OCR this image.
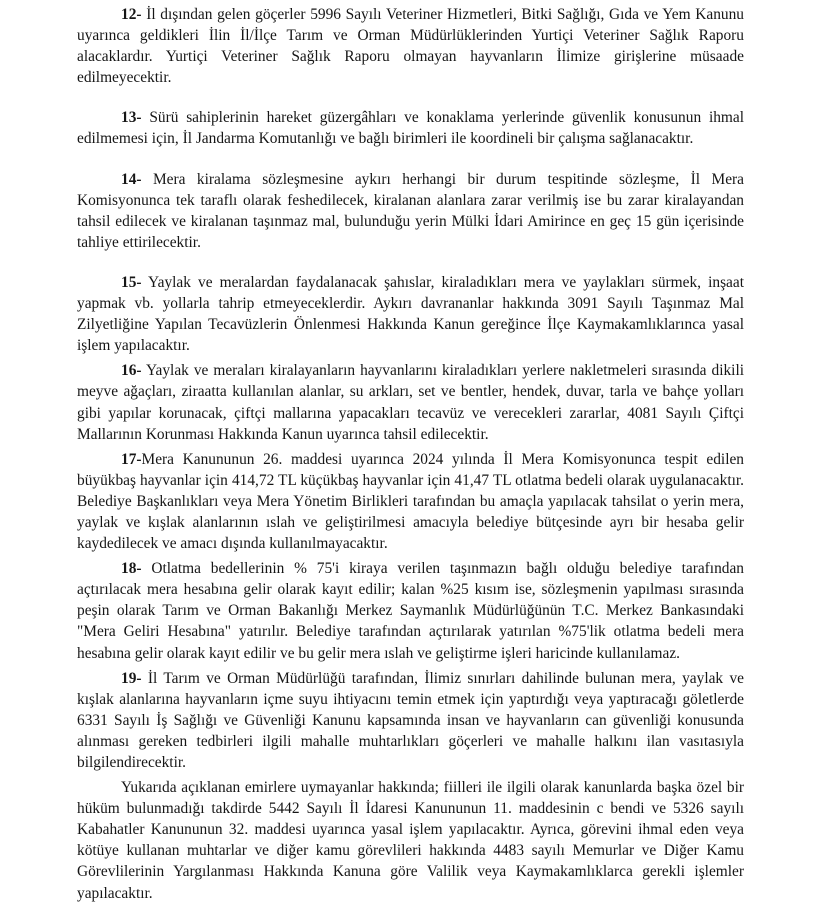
12- İl dışından gelen göçerler 5996 Sayılı Veteriner Hizmetleri, Bitki Sağlığı, Gıda ve Yem Kanunu uyarınca geldikleri İlin İl/İlçe Tarım ve Orman Müdürlüklerinden Yurtiçi Veteriner Sağlık Raporu alacaklardır. Yurtiçi Veteriner Sağlık Raporu olmayan hayvanların İlimize girişlerine müsaade edilmeyecektir.

13- Sürü sahiplerinin hareket güzergâhları ve konaklama yerlerinde güvenlik konusunun ihmal edilmemesi için, İl Jandarma Komutanlığı ve bağlı birimleri ile koordineli bir çalışma sağlanacaktır.

14- Mera kiralama sözleşmesine aykırı herhangi bir durum tespitinde sözleşme, İl Mera Komisyonunca tek taraflı olarak feshedilecek, kiralanan alanlara zarar verilmiş ise bu zarar kiralayandan tahsil edilecek ve kiralanan taşınmaz mal, bulunduğu yerin Mülki İdari Amirince en geç 15 gün içerisinde tahliye ettirilecektir.

15- Yaylak ve meralardan faydalanacak şahıslar, kiraladıkları mera ve yaylakları sürmek, inşaat yapmak vb. yollarla tahrip etmeyeceklerdir. Aykırı davrananlar hakkında 3091 Sayılı Taşınmaz Mal Zilyetliğine Yapılan Tecavüzlerin Önlenmesi Hakkında Kanun gereğince İlçe Kaymakamlıklarınca yasal işlem yapılacaktır.

16- Yaylak ve meraları kiralayanların hayvanlarını kiraladıkları yerlere nakletmeleri sırasında dikili meyve ağaçları, ziraatta kullanılan alanlar, su arkları, set ve bentler, hendek, duvar, tarla ve bahçe yolları gibi yapılar korunacak, çiftçi mallarına yapacakları tecavüz ve verecekleri zararlar, 4081 Sayılı Çiftçi Mallarının Korunması Hakkında Kanun uyarınca tahsil edilecektir.

17-Mera Kanununun 26. maddesi uyarınca 2024 yılında İl Mera Komisyonunca tespit edilen büyükbaş hayvanlar için 414,72 TL küçükbaş hayvanlar için 41,47 TL otlatma bedeli olarak uygulanacaktır. Belediye Başkanlıkları veya Mera Yönetim Birlikleri tarafından bu amaçla yapılacak tahsilat o yerin mera, yaylak ve kışlak alanlarının ıslah ve geliştirilmesi amacıyla belediye bütçesinde ayrı bir hesaba gelir kaydedilecek ve amacı dışında kullanılmayacaktır.

18- Otlatma bedellerinin % 75'i kiraya verilen taşınmazın bağlı olduğu belediye tarafından açtırılacak mera hesabına gelir olarak kayıt edilir; kalan %25 kısım ise, sözleşmenin yapılması sırasında peşin olarak Tarım ve Orman Bakanlığı Merkez Saymanlık Müdürlüğünün T.C. Merkez Bankasındaki "Mera Geliri Hesabına" yatırılır. Belediye tarafından açtırılarak yatırılan %75'lik otlatma bedeli mera hesabına gelir olarak kayıt edilir ve bu gelir mera ıslah ve geliştirme işleri haricinde kullanılamaz.

19- İl Tarım ve Orman Müdürlüğü tarafından, İlimiz sınırları dahilinde bulunan mera, yaylak ve kışlak alanlarına hayvanların içme suyu ihtiyacını temin etmek için yaptırdığı veya yaptıracağı göletlerde 6331 Sayılı İş Sağlığı ve Güvenliği Kanunu kapsamında insan ve hayvanların can güvenliği konusunda alınması gereken tedbirleri ilgili mahalle muhtarlıkları göçerleri ve mahalle halkını ilan vasıtasıyla bilgilendirecektir.

Yukarıda açıklanan emirlere uymayanlar hakkında; fiilleri ile ilgili olarak kanunlarda başka özel bir hüküm bulunmadığı takdirde 5442 Sayılı İl İdaresi Kanununun 11. maddesinin c bendi ve 5326 sayılı Kabahatler Kanununun 32. maddesi uyarınca yasal işlem yapılacaktır. Ayrıca, görevini ihmal eden veya kötüye kullanan muhtarlar ve diğer kamu görevlileri hakkında 4483 sayılı Memurlar ve Diğer Kamu Görevlilerinin Yargılanması Hakkında Kanuna göre Valilik veya Kaymakamlıklarca gerekli işlemler yapılacaktır.
